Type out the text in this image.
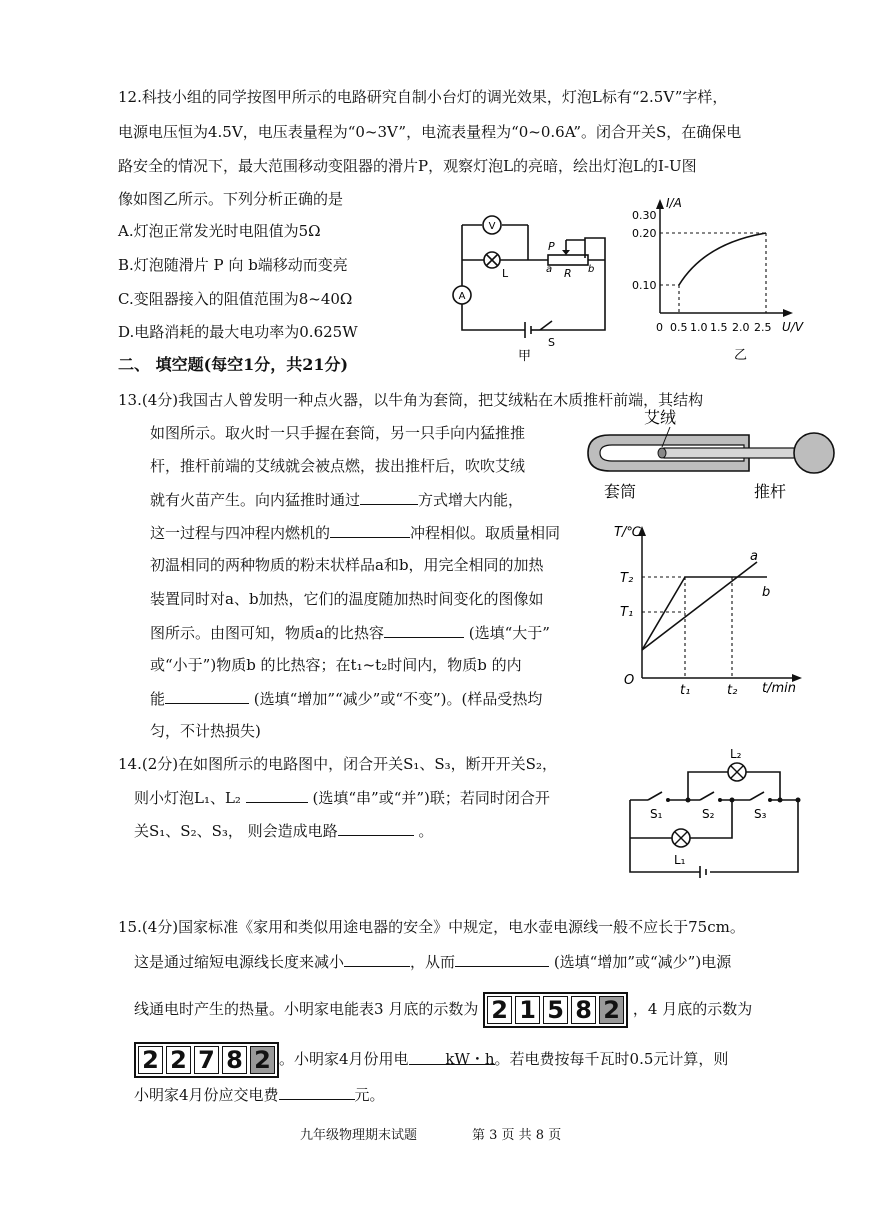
12.科技小组的同学按图甲所示的电路研究自制小台灯的调光效果，灯泡L标有“2.5V”字样，
电源电压恒为4.5V，电压表量程为“0~3V”，电流表量程为“0~0.6A”。闭合开关S，在确保电
路安全的情况下，最大范围移动变阻器的滑片P，观察灯泡L的亮暗，绘出灯泡L的I-U图
像如图乙所示。下列分析正确的是
A.灯泡正常发光时电阻值为5Ω
B.灯泡随滑片 P 向 b端移动而变亮
C.变阻器接入的阻值范围为8~40Ω
D.电路消耗的最大电功率为0.625W
V
A
L
P
R
a	b
S
甲
0.30
0.20
0.10
0 0.5 1.0 1.5 2.0 2.5
I/A
U/V
乙
二、 填空题(每空1分，共21分)
13.(4分)我国古人曾发明一种点火器，以牛角为套筒，把艾绒粘在木质推杆前端，其结构
如图所示。取火时一只手握在套筒，另一只手向内猛推推
杆，推杆前端的艾绒就会被点燃，拔出推杆后，吹吹艾绒
就有火苗产生。向内猛推时通过	方式增大内能，
这一过程与四冲程内燃机的	冲程相似。取质量相同
初温相同的两种物质的粉末状样品a和b，用完全相同的加热
装置同时对a、b加热，它们的温度随加热时间变化的图像如
图所示。由图可知，物质a的比热容	(选填“大于”
或“小于”)物质b 的比热容；在t₁~t₂时间内，物质b 的内
能	(选填“增加”“减少”或“不变”)。(样品受热均
匀，不计热损失)
艾绒
套筒	推杆
T/℃
T₂
T₁
O
t₁	t₂ t/min
a
b
14.(2分)在如图所示的电路图中，闭合开关S₁、S₃，断开开关S₂，
则小灯泡L₁、L₂	(选填“串”或“并”)联；若同时闭合开
关S₁、S₂、S₃， 则会造成电路	。
L₂
L₁
S₁	S₂	S₃
15.(4分)国家标准《家用和类似用途电器的安全》中规定，电水壶电源线一般不应长于75cm。
这是通过缩短电源线长度来减小	，从而	(选填“增加”或“减少”)电源
线通电时产生的热量。小明家电能表3 月底的示数为 2 1 5 8 2 ，4 月底的示数为
2 2 7 8 2 。小明家4月份用电 kW・h。若电费按每千瓦时0.5元计算，则
小明家4月份应交电费	元。
九年级物理期末试题	第 3 页 共 8 页
